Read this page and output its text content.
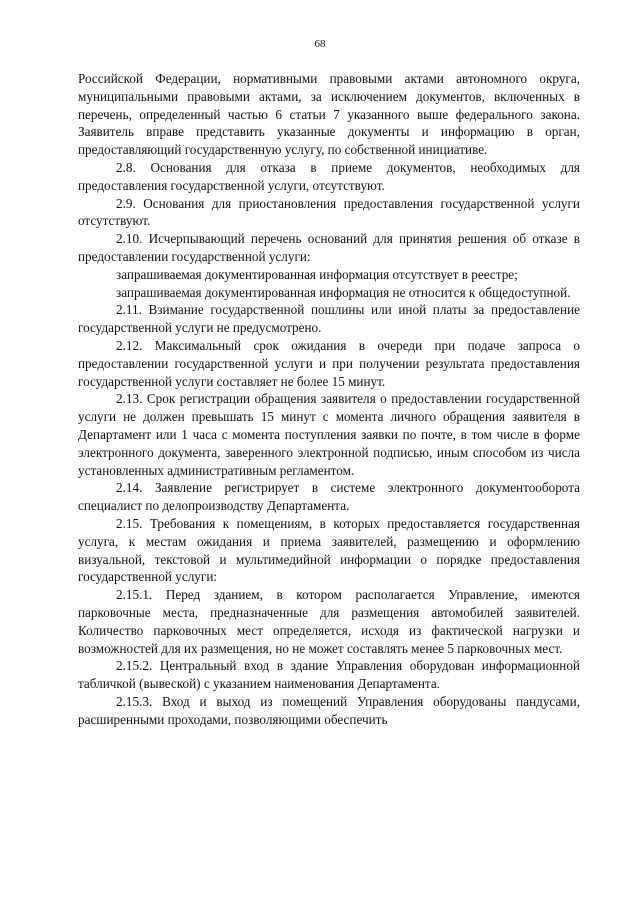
68

Российской Федерации, нормативными правовыми актами автономного округа, муниципальными правовыми актами, за исключением документов, включенных в перечень, определенный частью 6 статьи 7 указанного выше федерального закона. Заявитель вправе представить указанные документы и информацию в орган, предоставляющий государственную услугу, по собственной инициативе.

2.8. Основания для отказа в приеме документов, необходимых для предоставления государственной услуги, отсутствуют.

2.9. Основания для приостановления предоставления государственной услуги отсутствуют.

2.10. Исчерпывающий перечень оснований для принятия решения об отказе в предоставлении государственной услуги:

запрашиваемая документированная информация отсутствует в реестре;

запрашиваемая документированная информация не относится к общедоступной.

2.11. Взимание государственной пошлины или иной платы за предоставление государственной услуги не предусмотрено.

2.12. Максимальный срок ожидания в очереди при подаче запроса о предоставлении государственной услуги и при получении результата предоставления государственной услуги составляет не более 15 минут.

2.13. Срок регистрации обращения заявителя о предоставлении государственной услуги не должен превышать 15 минут с момента личного обращения заявителя в Департамент или 1 часа с момента поступления заявки по почте, в том числе в форме электронного документа, заверенного электронной подписью, иным способом из числа установленных административным регламентом.

2.14. Заявление регистрирует в системе электронного документооборота специалист по делопроизводству Департамента.

2.15. Требования к помещениям, в которых предоставляется государственная услуга, к местам ожидания и приема заявителей, размещению и оформлению визуальной, текстовой и мультимедийной информации о порядке предоставления государственной услуги:

2.15.1. Перед зданием, в котором располагается Управление, имеются парковочные места, предназначенные для размещения автомобилей заявителей. Количество парковочных мест определяется, исходя из фактической нагрузки и возможностей для их размещения, но не может составлять менее 5 парковочных мест.

2.15.2. Центральный вход в здание Управления оборудован информационной табличкой (вывеской) с указанием наименования Департамента.

2.15.3. Вход и выход из помещений Управления оборудованы пандусами, расширенными проходами, позволяющими обеспечить
